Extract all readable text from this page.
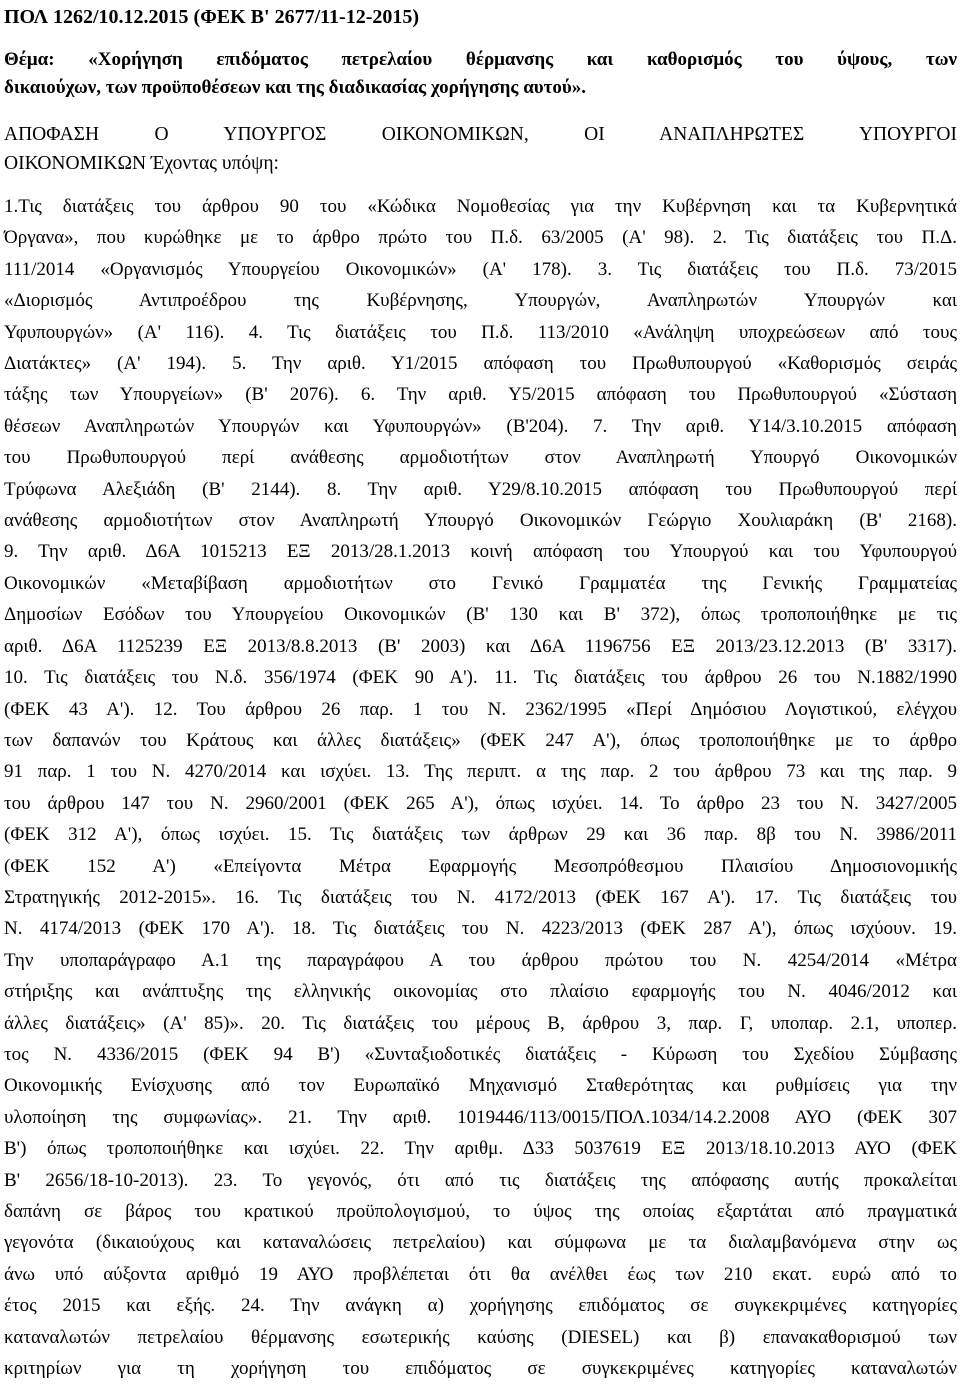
ΠΟΛ 1262/10.12.2015 (ΦΕΚ Β' 2677/11-12-2015)
Θέμα: «Χορήγηση επιδόματος πετρελαίου θέρμανσης και καθορισμός του ύψους, των
δικαιούχων, των προϋποθέσεων και της διαδικασίας χορήγησης αυτού».
ΑΠΟΦΑΣΗ Ο ΥΠΟΥΡΓΟΣ ΟΙΚΟΝΟΜΙΚΩΝ, ΟΙ ΑΝΑΠΛΗΡΩΤΕΣ ΥΠΟΥΡΓΟΙ
ΟΙΚΟΝΟΜΙΚΩΝ Έχοντας υπόψη:
1.Τις διατάξεις του άρθρου 90 του «Κώδικα Νομοθεσίας για την Κυβέρνηση και τα Κυβερνητικά
Όργανα», που κυρώθηκε με το άρθρο πρώτο του Π.δ. 63/2005 (Α' 98). 2. Τις διατάξεις του Π.Δ.
111/2014 «Οργανισμός Υπουργείου Οικονομικών» (Α' 178). 3. Τις διατάξεις του Π.δ. 73/2015
«Διορισμός Αντιπροέδρου της Κυβέρνησης, Υπουργών, Αναπληρωτών Υπουργών και
Υφυπουργών» (Α' 116). 4. Τις διατάξεις του Π.δ. 113/2010 «Ανάληψη υποχρεώσεων από τους
Διατάκτες» (Α' 194). 5. Την αριθ. Υ1/2015 απόφαση του Πρωθυπουργού «Καθορισμός σειράς
τάξης των Υπουργείων» (Β' 2076). 6. Την αριθ. Υ5/2015 απόφαση του Πρωθυπουργού «Σύσταση
θέσεων Αναπληρωτών Υπουργών και Υφυπουργών» (Β'204). 7. Την αριθ. Υ14/3.10.2015 απόφαση
του Πρωθυπουργού περί ανάθεσης αρμοδιοτήτων στον Αναπληρωτή Υπουργό Οικονομικών
Τρύφωνα Αλεξιάδη (Β' 2144). 8. Την αριθ. Υ29/8.10.2015 απόφαση του Πρωθυπουργού περί
ανάθεσης αρμοδιοτήτων στον Αναπληρωτή Υπουργό Οικονομικών Γεώργιο Χουλιαράκη (Β' 2168).
9. Την αριθ. Δ6Α 1015213 ΕΞ 2013/28.1.2013 κοινή απόφαση του Υπουργού και του Υφυπουργού
Οικονομικών «Μεταβίβαση αρμοδιοτήτων στο Γενικό Γραμματέα της Γενικής Γραμματείας
Δημοσίων Εσόδων του Υπουργείου Οικονομικών (Β' 130 και Β' 372), όπως τροποποιήθηκε με τις
αριθ. Δ6Α 1125239 ΕΞ 2013/8.8.2013 (Β' 2003) και Δ6Α 1196756 ΕΞ 2013/23.12.2013 (Β' 3317).
10. Τις διατάξεις του Ν.δ. 356/1974 (ΦΕΚ 90 Α'). 11. Τις διατάξεις του άρθρου 26 του Ν.1882/1990
(ΦΕΚ 43 Α'). 12. Του άρθρου 26 παρ. 1 του Ν. 2362/1995 «Περί Δημόσιου Λογιστικού, ελέγχου
των δαπανών του Κράτους και άλλες διατάξεις» (ΦΕΚ 247 Α'), όπως τροποποιήθηκε με το άρθρο
91 παρ. 1 του Ν. 4270/2014 και ισχύει. 13. Της περιπτ. α της παρ. 2 του άρθρου 73 και της παρ. 9
του άρθρου 147 του Ν. 2960/2001 (ΦΕΚ 265 Α'), όπως ισχύει. 14. Το άρθρο 23 του Ν. 3427/2005
(ΦΕΚ 312 Α'), όπως ισχύει. 15. Τις διατάξεις των άρθρων 29 και 36 παρ. 8β του Ν. 3986/2011
(ΦΕΚ 152 Α') «Επείγοντα Μέτρα Εφαρμογής Μεσοπρόθεσμου Πλαισίου Δημοσιονομικής
Στρατηγικής 2012-2015». 16. Τις διατάξεις του Ν. 4172/2013 (ΦΕΚ 167 Α'). 17. Τις διατάξεις του
Ν. 4174/2013 (ΦΕΚ 170 Α'). 18. Τις διατάξεις του Ν. 4223/2013 (ΦΕΚ 287 Α'), όπως ισχύουν. 19.
Την υποπαράγραφο Α.1 της παραγράφου Α του άρθρου πρώτου του Ν. 4254/2014 «Μέτρα
στήριξης και ανάπτυξης της ελληνικής οικονομίας στο πλαίσιο εφαρμογής του Ν. 4046/2012 και
άλλες διατάξεις» (Α' 85)». 20. Τις διατάξεις του μέρους Β, άρθρου 3, παρ. Γ, υποπαρ. 2.1, υποπερ.
τος Ν. 4336/2015 (ΦΕΚ 94 Β') «Συνταξιοδοτικές διατάξεις - Κύρωση του Σχεδίου Σύμβασης
Οικονομικής Ενίσχυσης από τον Ευρωπαϊκό Μηχανισμό Σταθερότητας και ρυθμίσεις για την
υλοποίηση της συμφωνίας». 21. Την αριθ. 1019446/113/0015/ΠΟΛ.1034/14.2.2008 ΑΥΟ (ΦΕΚ 307
Β') όπως τροποποιήθηκε και ισχύει. 22. Την αριθμ. Δ33 5037619 ΕΞ 2013/18.10.2013 ΑΥΟ (ΦΕΚ
Β' 2656/18-10-2013). 23. Το γεγονός, ότι από τις διατάξεις της απόφασης αυτής προκαλείται
δαπάνη σε βάρος του κρατικού προϋπολογισμού, το ύψος της οποίας εξαρτάται από πραγματικά
γεγονότα (δικαιούχους και καταναλώσεις πετρελαίου) και σύμφωνα με τα διαλαμβανόμενα στην ως
άνω υπό αύξοντα αριθμό 19 ΑΥΟ προβλέπεται ότι θα ανέλθει έως των 210 εκατ. ευρώ από το
έτος 2015 και εξής. 24. Την ανάγκη α) χορήγησης επιδόματος σε συγκεκριμένες κατηγορίες
καταναλωτών πετρελαίου θέρμανσης εσωτερικής καύσης (DIESEL) και β) επανακαθορισμού των
κριτηρίων για τη χορήγηση του επιδόματος σε συγκεκριμένες κατηγορίες καταναλωτών
